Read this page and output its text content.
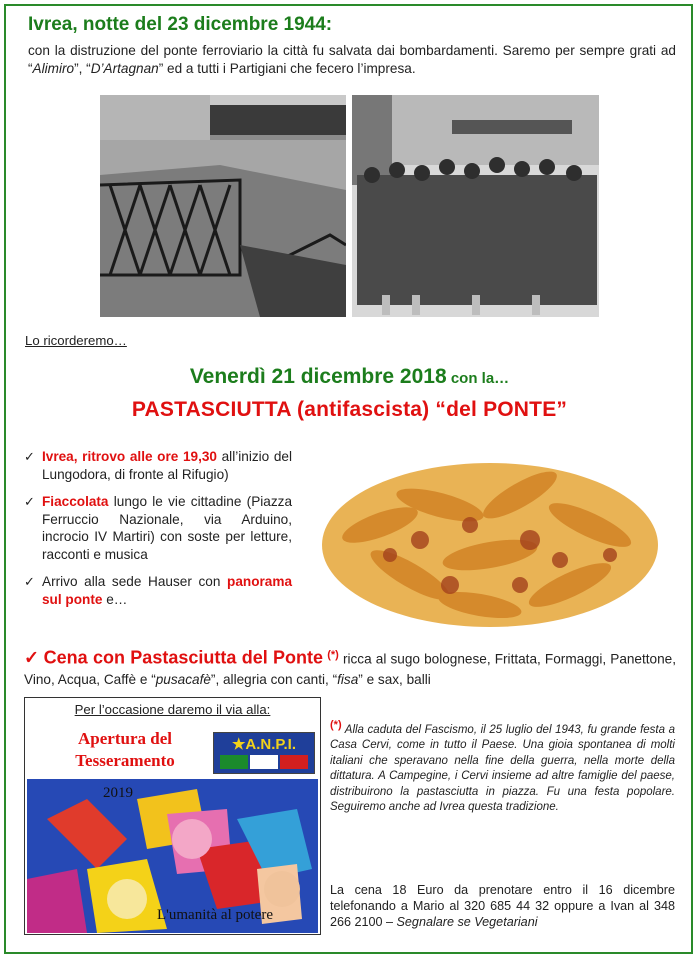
Ivrea, notte del 23 dicembre 1944:
con la distruzione del ponte ferroviario la città fu salvata dai bombardamenti. Saremo per sempre grati ad “Alimiro”, “D’Artagnan” ed a tutti i Partigiani che fecero l’impresa.
Lo ricorderemo…
Venerdì 21 dicembre 2018 con la…
PASTASCIUTTA (antifascista) “del PONTE”
✓ Ivrea, ritrovo alle ore 19,30 all’inizio del Lungodora, di fronte al Rifugio)
✓ Fiaccolata lungo le vie cittadine (Piazza Ferruccio Nazionale, via Arduino, incrocio IV Martiri) con soste per letture, racconti e musica
✓ Arrivo alla sede Hauser con panorama sul ponte e…
✓ Cena con Pastasciutta del Ponte (*) ricca al sugo bolognese, Frittata, Formaggi, Panettone, Vino, Acqua, Caffè e “pusacafè”, allegria con canti, “fisa” e sax, balli
Per l’occasione daremo il via alla:
Apertura del
Tesseramento
★A.N.P.I.
2019
L'umanità al potere
(*) Alla caduta del Fascismo, il 25 luglio del 1943, fu grande festa a Casa Cervi, come in tutto il Paese. Una gioia spontanea di molti italiani che speravano nella fine della guerra, nella morte della dittatura. A Campegine, i Cervi insieme ad altre famiglie del paese, distribuirono la pastasciutta in piazza. Fu una festa popolare. Seguiremo anche ad Ivrea questa tradizione.
La cena 18 Euro da prenotare entro il 16 dicembre telefonando a Mario al 320 685 44 32 oppure a Ivan al 348 266 2100 – Segnalare se Vegetariani
